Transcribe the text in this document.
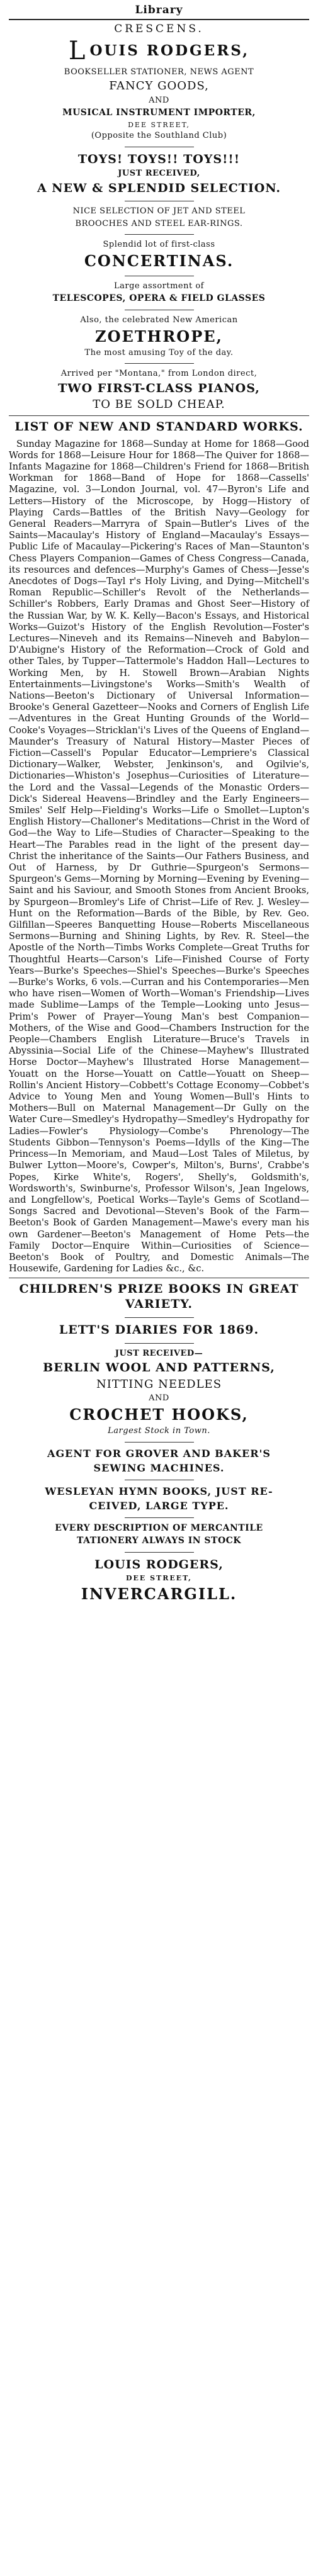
Library
CRESCENS.
LOUIS RODGERS,
BOOKSELLER STATIONER, NEWS AGENT
FANCY GOODS,
AND
MUSICAL INSTRUMENT IMPORTER,
DEE STREET,
(Opposite the Southland Club)
TOYS! TOYS!! TOYS!!!
JUST RECEIVED,
A NEW & SPLENDID SELECTION.
NICE SELECTION OF JET AND STEEL
BROOCHES AND STEEL EAR-RINGS.
Splendid lot of first-class
CONCERTINAS.
Large assortment of
TELESCOPES, OPERA & FIELD GLASSES
Also, the celebrated New American
ZOETHROPE,
The most amusing Toy of the day.
Arrived per "Montana," from London direct,
TWO FIRST-CLASS PIANOS,
TO BE SOLD CHEAP.
LIST OF NEW AND STANDARD WORKS.

Sunday Magazine for 1868—Sunday at Home for 1868—Good Words for 1868—Leisure Hour for 1868—The Quiver for 1868—Infants Magazine for 1868—Children's Friend for 1868—British Workman for 1868—Band of Hope for 1868—Cassells' Magazine, vol. 3—London Journal, vol. 47—Byron's Life and Letters—History of the Microscope, by Hogg—History of Playing Cards—Battles of the British Navy—Geology for General Readers—Marryra of Spain—Butler's Lives of the Saints—Macaulay's History of England—Macaulay's Essays—Public Life of Macaulay—Pickering's Races of Man—Staunton's Chess Players Companion—Games of Chess Congress—Canada, its resources and defences—Murphy's Games of Chess—Jesse's Anecdotes of Dogs—Tayl r's Holy Living, and Dying—Mitchell's Roman Republic—Schiller's Revolt of the Netherlands—Schiller's Robbers, Early Dramas and Ghost Seer—History of the Russian War, by W. K. Kelly—Bacon's Essays, and Historical Works—Guizot's History of the English Revolution—Foster's Lectures—Nineveh and its Remains—Nineveh and Babylon—D'Aubigne's History of the Reformation—Crock of Gold and other Tales, by Tupper—Tattermole's Haddon Hall—Lectures to Working Men, by H. Stowell Brown—Arabian Nights Entertainments—Livingstone's Works—Smith's Wealth of Nations—Beeton's Dictionary of Universal Information—Brooke's General Gazetteer—Nooks and Corners of English Life—Adventures in the Great Hunting Grounds of the World—Cooke's Voyages—Stricklan'i's Lives of the Queens of England—Maunder's Treasury of Natural History—Master Pieces of Fiction—Cassell's Popular Educator—Lempriere's Classical Dictionary—Walker, Webster, Jenkinson's, and Ogilvie's, Dictionaries—Whiston's Josephus—Curiosities of Literature—the Lord and the Vassal—Legends of the Monastic Orders—Dick's Sidereal Heavens—Brindley and the Early Engineers—Smiles' Self Help—Fielding's Works—Life o Smollet—Lupton's English History—Challoner's Meditations—Christ in the Word of God—the Way to Life—Studies of Character—Speaking to the Heart—The Parables read in the light of the present day—Christ the inheritance of the Saints—Our Fathers Business, and Out of Harness, by Dr Guthrie—Spurgeon's Sermons—Spurgeon's Gems—Morning by Morning—Evening by Evening—Saint and his Saviour, and Smooth Stones from Ancient Brooks, by Spurgeon—Bromley's Life of Christ—Life of Rev. J. Wesley—Hunt on the Reformation—Bards of the Bible, by Rev. Geo. Gilfillan—Speeres Banquetting House—Roberts Miscellaneous Sermons—Burning and Shining Lights, by Rev. R. Steel—the Apostle of the North—Timbs Works Complete—Great Truths for Thoughtful Hearts—Carson's Life—Finished Course of Forty Years—Burke's Speeches—Shiel's Speeches—Burke's Speeches—Burke's Works, 6 vols.—Curran and his Contemporaries—Men who have risen—Women of Worth—Woman's Friendship—Lives made Sublime—Lamps of the Temple—Looking unto Jesus—Prim's Power of Prayer—Young Man's best Companion—Mothers, of the Wise and Good—Chambers Instruction for the People—Chambers English Literature—Bruce's Travels in Abyssinia—Social Life of the Chinese—Mayhew's Illustrated Horse Doctor—Mayhew's Illustrated Horse Management—Youatt on the Horse—Youatt on Cattle—Youatt on Sheep—Rollin's Ancient History—Cobbett's Cottage Economy—Cobbet's Advice to Young Men and Young Women—Bull's Hints to Mothers—Bull on Maternal Management—Dr Gully on the Water Cure—Smedley's Hydropathy—Smedley's Hydropathy for Ladies—Fowler's Physiology—Combe's Phrenology—The Students Gibbon—Tennyson's Poems—Idylls of the King—The Princess—In Memoriam, and Maud—Lost Tales of Miletus, by Bulwer Lytton—Moore's, Cowper's, Milton's, Burns', Crabbe's Popes, Kirke White's, Rogers', Shelly's, Goldsmith's, Wordsworth's, Swinburne's, Professor Wilson's, Jean Ingelows, and Longfellow's, Poetical Works—Tayle's Gems of Scotland—Songs Sacred and Devotional—Steven's Book of the Farm—Beeton's Book of Garden Management—Mawe's every man his own Gardener—Beeton's Management of Home Pets—the Family Doctor—Enquire Within—Curiosities of Science—Beeton's Book of Poultry, and Domestic Animals—The Housewife, Gardening for Ladies &c., &c.

CHILDREN'S PRIZE BOOKS IN GREAT VARIETY.
LETT'S DIARIES FOR 1869.
JUST RECEIVED—
BERLIN WOOL AND PATTERNS,
NITTING NEEDLES
AND
CROCHET HOOKS,
Largest Stock in Town.
AGENT FOR GROVER AND BAKER'S
SEWING MACHINES.
WESLEYAN HYMN BOOKS, JUST RE-
CEIVED, LARGE TYPE.
EVERY DESCRIPTION OF MERCANTILE
TATIONERY ALWAYS IN STOCK
LOUIS RODGERS,
DEE STREET,
INVERCARGILL.
